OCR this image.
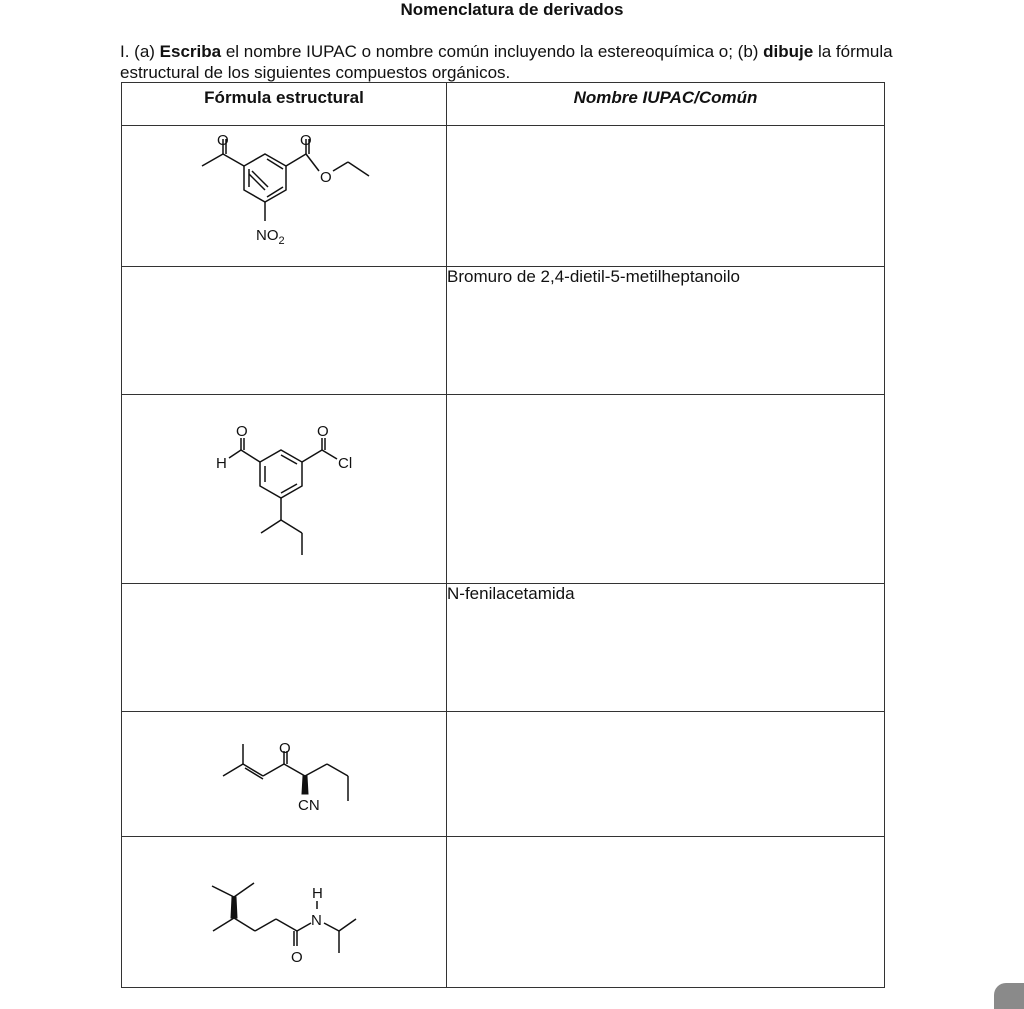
Nomenclatura de derivados
I. (a) Escriba el nombre IUPAC o nombre común incluyendo la estereoquímica o; (b) dibuje la fórmula estructural de los siguientes compuestos orgánicos.
Fórmula estructural	Nombre IUPAC/Común

O O
O
$NO_2$

	Bromuro de 2,4-dietil-5-metilheptanoilo

O O
H Cl	

	N-fenilacetamida

O
CN	

H
N
O	
